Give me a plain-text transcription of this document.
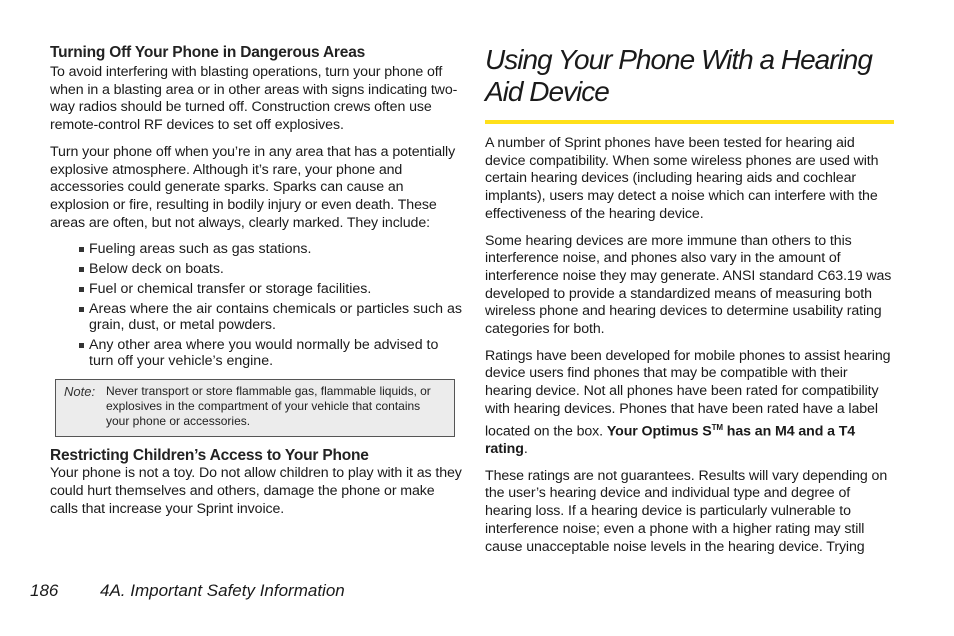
Turning Off Your Phone in Dangerous Areas

To avoid interfering with blasting operations, turn your phone off when in a blasting area or in other areas with signs indicating two-way radios should be turned off. Construction crews often use remote-control RF devices to set off explosives.

Turn your phone off when you’re in any area that has a potentially explosive atmosphere. Although it’s rare, your phone and accessories could generate sparks. Sparks can cause an explosion or fire, resulting in bodily injury or even death. These areas are often, but not always, clearly marked. They include:

Fueling areas such as gas stations.
Below deck on boats.
Fuel or chemical transfer or storage facilities.
Areas where the air contains chemicals or particles such as grain, dust, or metal powders.
Any other area where you would normally be advised to turn off your vehicle’s engine.
Note: Never transport or store flammable gas, flammable liquids, or explosives in the compartment of your vehicle that contains your phone or accessories.
Restricting Children’s Access to Your Phone

Your phone is not a toy. Do not allow children to play with it as they could hurt themselves and others, damage the phone or make calls that increase your Sprint invoice.

Using Your Phone With a Hearing Aid Device

A number of Sprint phones have been tested for hearing aid device compatibility. When some wireless phones are used with certain hearing devices (including hearing aids and cochlear implants), users may detect a noise which can interfere with the effectiveness of the hearing device.

Some hearing devices are more immune than others to this interference noise, and phones also vary in the amount of interference noise they may generate. ANSI standard C63.19 was developed to provide a standardized means of measuring both wireless phone and hearing devices to determine usability rating categories for both.

Ratings have been developed for mobile phones to assist hearing device users find phones that may be compatible with their hearing device. Not all phones have been rated for compatibility with hearing devices. Phones that have been rated have a label located on the box. Your Optimus S™ has an M4 and a T4 rating.

These ratings are not guarantees. Results will vary depending on the user’s hearing device and individual type and degree of hearing loss. If a hearing device is particularly vulnerable to interference noise; even a phone with a higher rating may still cause unacceptable noise levels in the hearing device. Trying

186 4A. Important Safety Information
